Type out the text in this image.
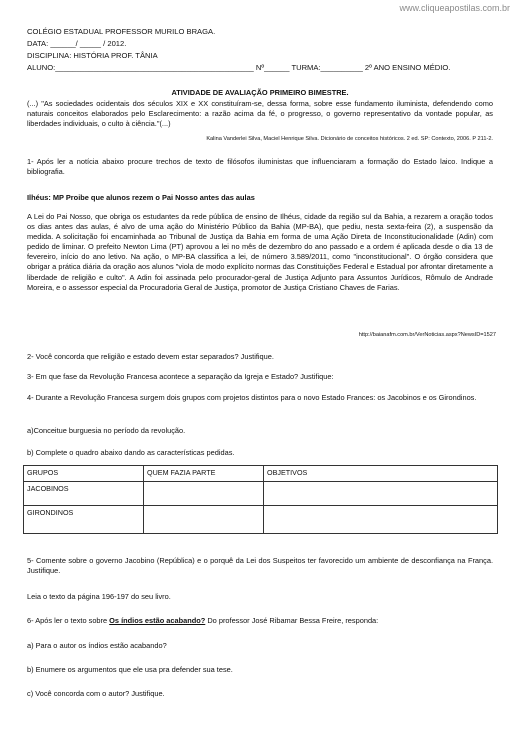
www.cliqueapostilas.com.br
COLÉGIO ESTADUAL PROFESSOR MURILO BRAGA.
DATA: ______/ _____ / 2012.
DISCIPLINA: HISTÓRIA PROF. TÂNIA
ALUNO:_______________________________________________ Nº______ TURMA:__________ 2º ANO ENSINO MÉDIO.
ATIVIDADE DE AVALIAÇÃO PRIMEIRO BIMESTRE.
(...) "As sociedades ocidentais dos séculos XIX e XX constituíram-se, dessa forma, sobre esse fundamento iluminista, defendendo como naturais conceitos elaborados pelo Esclarecimento: a razão acima da fé, o progresso, o governo representativo da vontade popular, as liberdades individuais, o culto à ciência."(...)
Kalina Vanderlei Silva, Maciel Henrique Silva. Dicionário de conceitos históricos. 2 ed. SP: Contexto, 2006. P 211-2.
1- Após ler a notícia abaixo procure trechos de texto de filósofos iluministas que influenciaram a formação do Estado laico. Indique a bibliografia.
Ilhéus: MP Proibe que alunos rezem o Pai Nosso antes das aulas
A Lei do Pai Nosso, que obriga os estudantes da rede pública de ensino de Ilhéus, cidade da região sul da Bahia, a rezarem a oração todos os dias antes das aulas, é alvo de uma ação do Ministério Público da Bahia (MP-BA), que pediu, nesta sexta-feira (2), a suspensão da medida. A solicitação foi encaminhada ao Tribunal de Justiça da Bahia em forma de uma Ação Direta de Inconstitucionalidade (Adin) com pedido de liminar. O prefeito Newton Lima (PT) aprovou a lei no mês de dezembro do ano passado e a ordem é aplicada desde o dia 13 de fevereiro, início do ano letivo. Na ação, o MP-BA classifica a lei, de número 3.589/2011, como "inconstitucional". O órgão considera que obrigar a prática diária da oração aos alunos "viola de modo explícito normas das Constituições Federal e Estadual por afrontar diretamente a liberdade de religião e culto". A Adin foi assinada pelo procurador-geral de Justiça Adjunto para Assuntos Jurídicos, Rômulo de Andrade Moreira, e o assessor especial da Procuradoria Geral de Justiça, promotor de Justiça Cristiano Chaves de Farias.
http://baianafm.com.br/VerNoticias.aspx?NewsID=1527
2- Você concorda que religião e estado devem estar separados? Justifique.
3- Em que fase da Revolução Francesa acontece a separação da Igreja e Estado? Justifique:
4- Durante a Revolução Francesa surgem dois grupos com projetos distintos para o novo Estado Frances: os Jacobinos e os Girondinos.
a)Conceitue burguesia no período da revolução.
b) Complete o quadro abaixo dando as características pedidas.
GRUPOS	QUEM FAZIA PARTE	OBJETIVOS
JACOBINOS		
GIRONDINOS		
5- Comente sobre o governo Jacobino (República) e o porquê da Lei dos Suspeitos ter favorecido um ambiente de desconfiança na França. Justifique.
Leia o texto da página 196-197 do seu livro.
6- Após ler o texto sobre Os índios estão acabando? Do professor José Ribamar Bessa Freire, responda:
a) Para o autor os índios estão acabando?
b) Enumere os argumentos que ele usa pra defender sua tese.
c) Você concorda com o autor? Justifique.
